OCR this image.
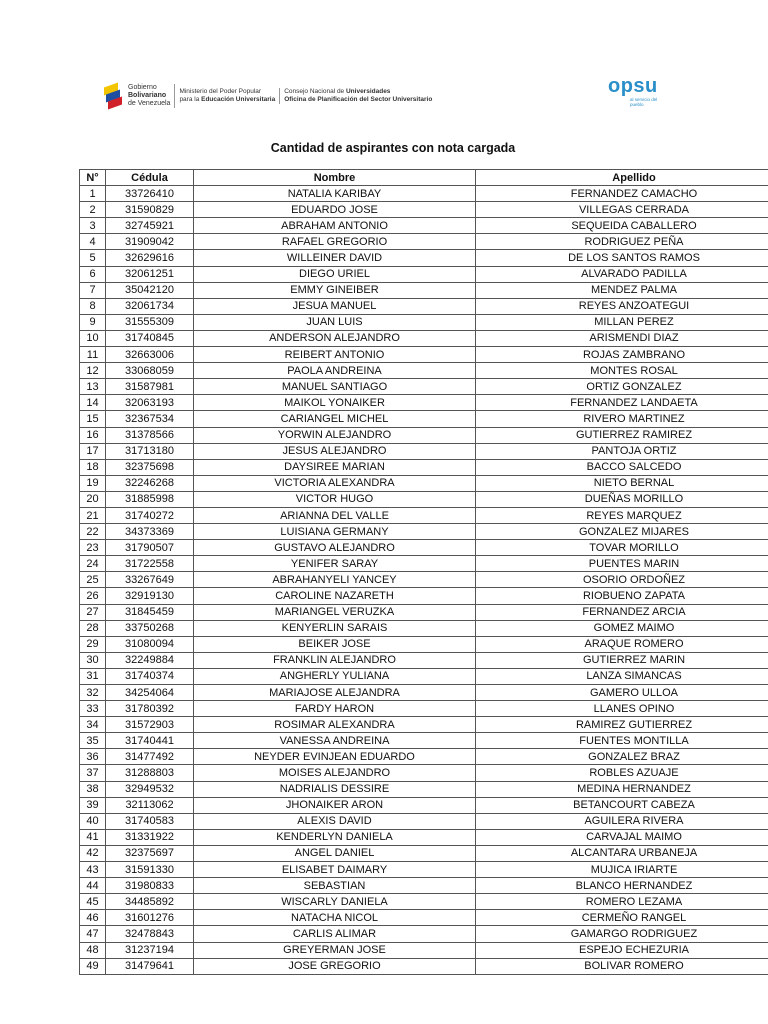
Gobierno
Bolivariano
de Venezuela
Ministerio del Poder Popular
para la Educación Universitaria
Consejo Nacional de Universidades
Oficina de Planificación del Sector Universitario
opsu
al servicio del pueblo
Cantidad de aspirantes con nota cargada
N°	Cédula	Nombre	Apellido
1	33726410	NATALIA KARIBAY	FERNANDEZ CAMACHO
2	31590829	EDUARDO JOSE	VILLEGAS CERRADA
3	32745921	ABRAHAM ANTONIO	SEQUEIDA CABALLERO
4	31909042	RAFAEL GREGORIO	RODRIGUEZ PEÑA
5	32629616	WILLEINER DAVID	DE LOS SANTOS RAMOS
6	32061251	DIEGO URIEL	ALVARADO PADILLA
7	35042120	EMMY GINEIBER	MENDEZ PALMA
8	32061734	JESUA MANUEL	REYES ANZOATEGUI
9	31555309	JUAN LUIS	MILLAN PEREZ
10	31740845	ANDERSON ALEJANDRO	ARISMENDI DIAZ
11	32663006	REIBERT ANTONIO	ROJAS ZAMBRANO
12	33068059	PAOLA ANDREINA	MONTES ROSAL
13	31587981	MANUEL SANTIAGO	ORTIZ GONZALEZ
14	32063193	MAIKOL YONAIKER	FERNANDEZ LANDAETA
15	32367534	CARIANGEL MICHEL	RIVERO MARTINEZ
16	31378566	YORWIN ALEJANDRO	GUTIERREZ RAMIREZ
17	31713180	JESUS ALEJANDRO	PANTOJA ORTIZ
18	32375698	DAYSIREE MARIAN	BACCO SALCEDO
19	32246268	VICTORIA ALEXANDRA	NIETO BERNAL
20	31885998	VICTOR HUGO	DUEÑAS MORILLO
21	31740272	ARIANNA DEL VALLE	REYES MARQUEZ
22	34373369	LUISIANA GERMANY	GONZALEZ MIJARES
23	31790507	GUSTAVO ALEJANDRO	TOVAR MORILLO
24	31722558	YENIFER SARAY	PUENTES MARIN
25	33267649	ABRAHANYELI YANCEY	OSORIO ORDOÑEZ
26	32919130	CAROLINE NAZARETH	RIOBUENO ZAPATA
27	31845459	MARIANGEL VERUZKA	FERNANDEZ ARCIA
28	33750268	KENYERLIN SARAIS	GOMEZ MAIMO
29	31080094	BEIKER JOSE	ARAQUE ROMERO
30	32249884	FRANKLIN ALEJANDRO	GUTIERREZ MARIN
31	31740374	ANGHERLY YULIANA	LANZA SIMANCAS
32	34254064	MARIAJOSE ALEJANDRA	GAMERO ULLOA
33	31780392	FARDY HARON	LLANES OPINO
34	31572903	ROSIMAR ALEXANDRA	RAMIREZ GUTIERREZ
35	31740441	VANESSA ANDREINA	FUENTES MONTILLA
36	31477492	NEYDER EVINJEAN EDUARDO	GONZALEZ BRAZ
37	31288803	MOISES ALEJANDRO	ROBLES AZUAJE
38	32949532	NADRIALIS DESSIRE	MEDINA HERNANDEZ
39	32113062	JHONAIKER ARON	BETANCOURT CABEZA
40	31740583	ALEXIS DAVID	AGUILERA RIVERA
41	31331922	KENDERLYN DANIELA	CARVAJAL MAIMO
42	32375697	ANGEL DANIEL	ALCANTARA URBANEJA
43	31591330	ELISABET DAIMARY	MUJICA IRIARTE
44	31980833	SEBASTIAN	BLANCO HERNANDEZ
45	34485892	WISCARLY DANIELA	ROMERO LEZAMA
46	31601276	NATACHA NICOL	CERMEÑO RANGEL
47	32478843	CARLIS ALIMAR	GAMARGO RODRIGUEZ
48	31237194	GREYERMAN JOSE	ESPEJO ECHEZURIA
49	31479641	JOSE GREGORIO	BOLIVAR ROMERO
